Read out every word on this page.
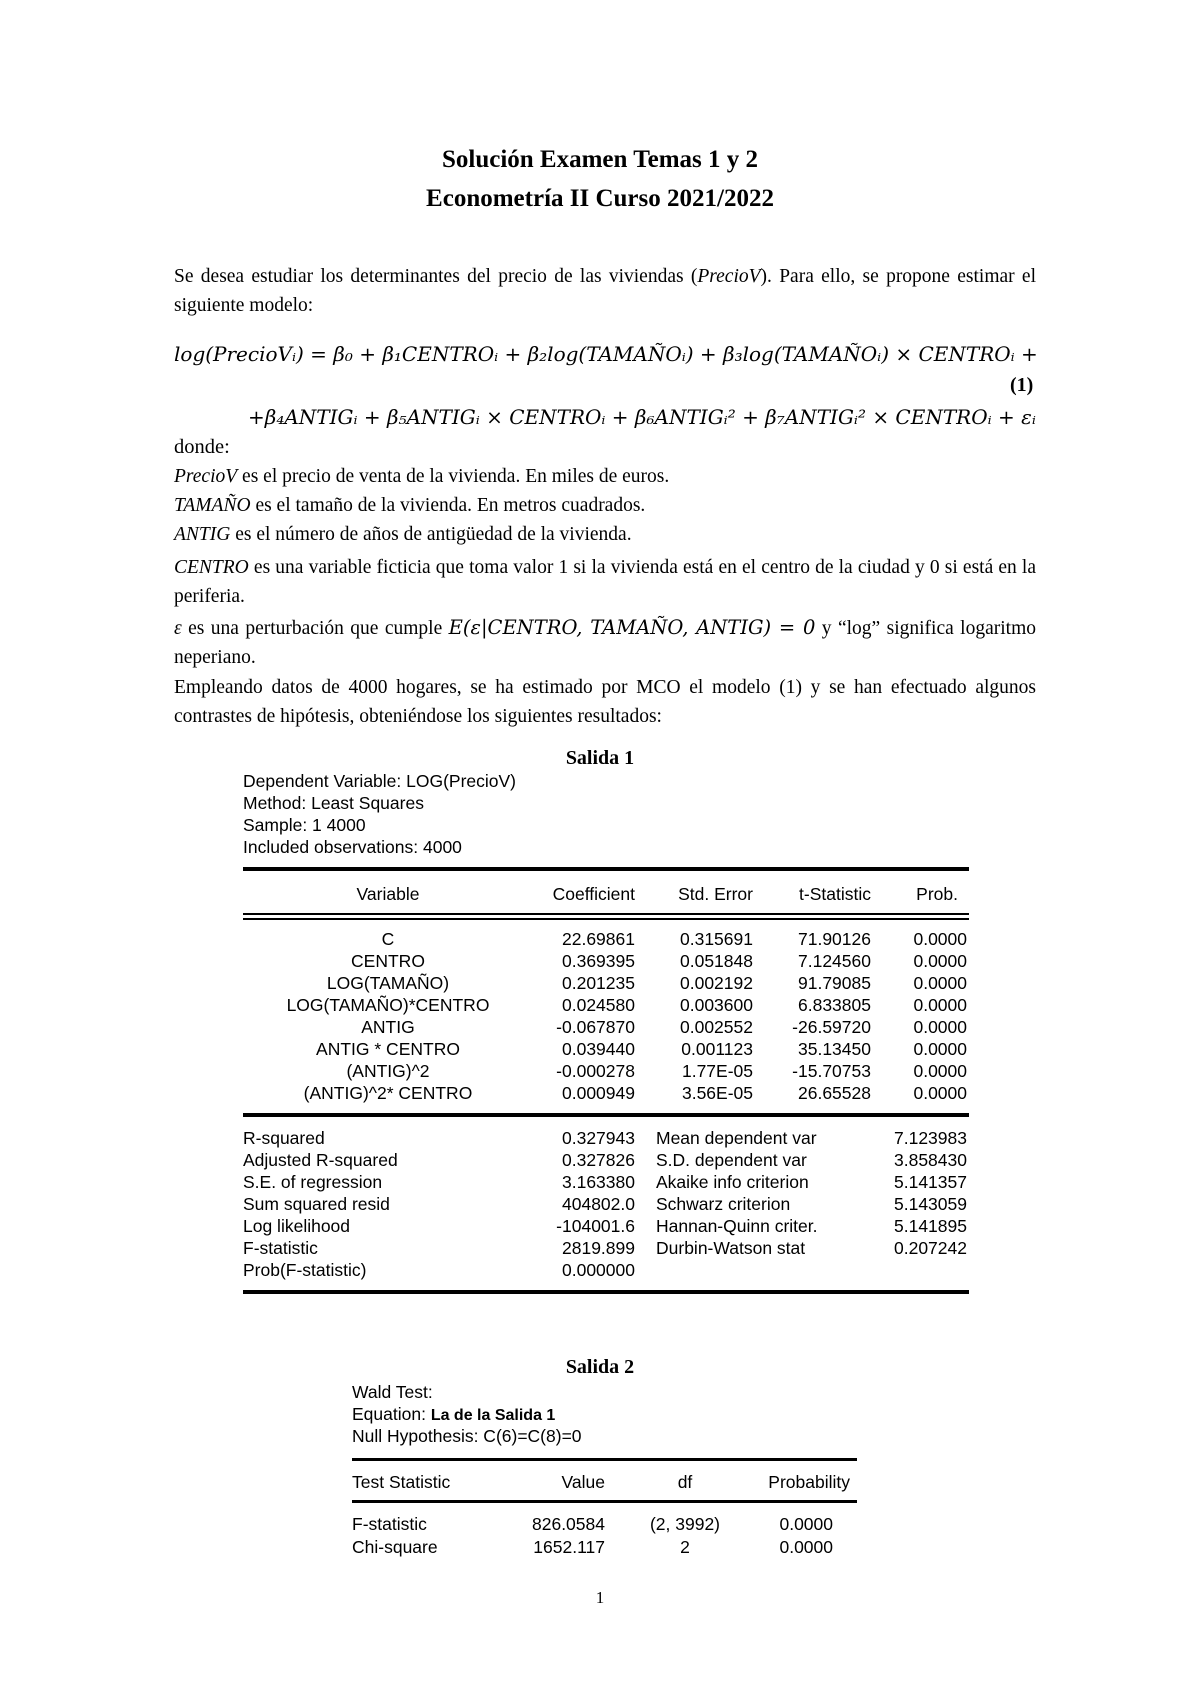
Solución Examen Temas 1 y 2
Econometría II Curso 2021/2022
Se desea estudiar los determinantes del precio de las viviendas (PrecioV). Para ello, se propone estimar el siguiente modelo:
log(PrecioVᵢ) = β₀ + β₁CENTROᵢ + β₂log(TAMAÑOᵢ) + β₃log(TAMAÑOᵢ) × CENTROᵢ +
(1)
+β₄ANTIGᵢ + β₅ANTIGᵢ × CENTROᵢ + β₆ANTIGᵢ² + β₇ANTIGᵢ² × CENTROᵢ + εᵢ
donde:
PrecioV es el precio de venta de la vivienda. En miles de euros.
TAMAÑO es el tamaño de la vivienda. En metros cuadrados.
ANTIG es el número de años de antigüedad de la vivienda.
CENTRO es una variable ficticia que toma valor 1 si la vivienda está en el centro de la ciudad y 0 si está en la periferia.
ε es una perturbación que cumple E(ε|CENTRO, TAMAÑO, ANTIG) = 0 y “log” significa logaritmo neperiano.
Empleando datos de 4000 hogares, se ha estimado por MCO el modelo (1) y se han efectuado algunos contrastes de hipótesis, obteniéndose los siguientes resultados:
Salida 1
Dependent Variable: LOG(PrecioV)
Method: Least Squares
Sample: 1 4000
Included observations: 4000
Variable	Coefficient	Std. Error	t-Statistic	Prob.
C	22.69861	0.315691	71.90126	0.0000
CENTRO	0.369395	0.051848	7.124560	0.0000
LOG(TAMAÑO)	0.201235	0.002192	91.79085	0.0000
LOG(TAMAÑO)*CENTRO	0.024580	0.003600	6.833805	0.0000
ANTIG	-0.067870	0.002552	-26.59720	0.0000
ANTIG * CENTRO	0.039440	0.001123	35.13450	0.0000
(ANTIG)^2	-0.000278	1.77E-05	-15.70753	0.0000
(ANTIG)^2* CENTRO	0.000949	3.56E-05	26.65528	0.0000
R-squared	0.327943 Mean dependent var	7.123983
Adjusted R-squared	0.327826 S.D. dependent var	3.858430
S.E. of regression	3.163380 Akaike info criterion	5.141357
Sum squared resid	404802.0 Schwarz criterion	5.143059
Log likelihood	-104001.6 Hannan-Quinn criter.	5.141895
F-statistic	2819.899 Durbin-Watson stat	0.207242
Prob(F-statistic)	0.000000
Salida 2
Wald Test:
Equation: La de la Salida 1
Null Hypothesis: C(6)=C(8)=0
Test Statistic	Value	df	Probability
F-statistic	826.0584	(2, 3992)	0.0000
Chi-square	1652.117	2	0.0000
1
